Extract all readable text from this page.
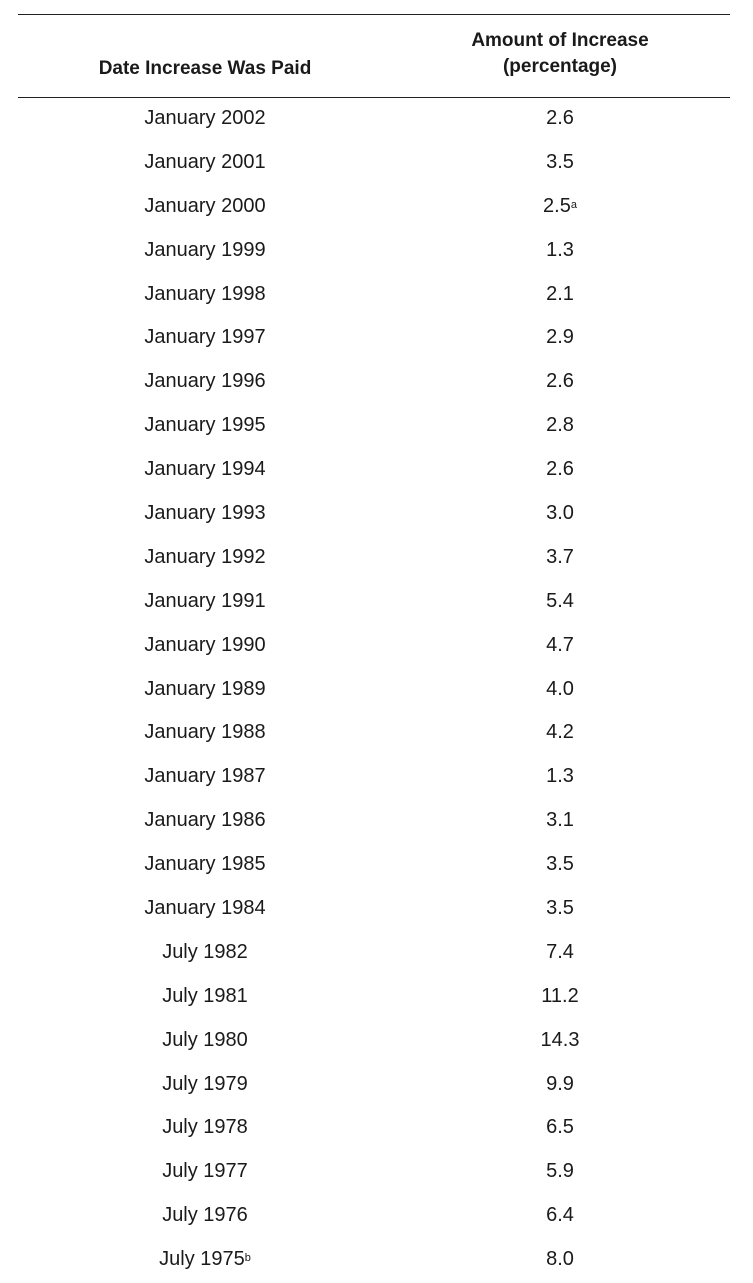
Date Increase Was Paid
Amount of Increase
(percentage)
January 2002	2.6
January 2001	3.5
January 2000	2.5$^a$
January 1999	1.3
January 1998	2.1
January 1997	2.9
January 1996	2.6
January 1995	2.8
January 1994	2.6
January 1993	3.0
January 1992	3.7
January 1991	5.4
January 1990	4.7
January 1989	4.0
January 1988	4.2
January 1987	1.3
January 1986	3.1
January 1985	3.5
January 1984	3.5
July 1982	7.4
July 1981	11.2
July 1980	14.3
July 1979	9.9
July 1978	6.5
July 1977	5.9
July 1976	6.4
July 1975$^b$	8.0
